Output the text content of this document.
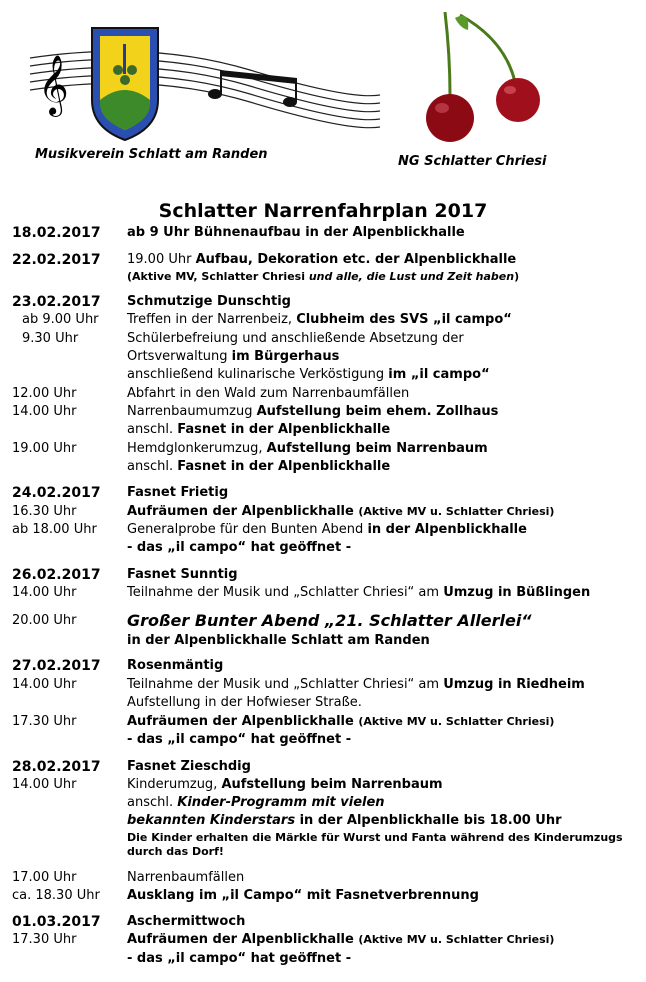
𝄞
Musikverein Schlatt am Randen	NG Schlatter Chriesi
Schlatter Narrenfahrplan 2017
18.02.2017 ab 9 Uhr Bühnenaufbau in der Alpenblickhalle
22.02.2017 19.00 Uhr Aufbau, Dekoration etc. der Alpenblickhalle
(Aktive MV, Schlatter Chriesi und alle, die Lust und Zeit haben)
23.02.2017 Schmutzige Dunschtig
ab 9.00 Uhr Treffen in der Narrenbeiz, Clubheim des SVS „il campo“
9.30 Uhr	Schülerbefreiung und anschließende Absetzung der
Ortsverwaltung im Bürgerhaus
anschließend kulinarische Verköstigung im „il campo“
12.00 Uhr	Abfahrt in den Wald zum Narrenbaumfällen
14.00 Uhr	Narrenbaumumzug Aufstellung beim ehem. Zollhaus
anschl. Fasnet in der Alpenblickhalle
19.00 Uhr	Hemdglonkerumzug, Aufstellung beim Narrenbaum
anschl. Fasnet in der Alpenblickhalle
24.02.2017 Fasnet Frietig
16.30 Uhr	Aufräumen der Alpenblickhalle (Aktive MV u. Schlatter Chriesi)
ab 18.00 Uhr Generalprobe für den Bunten Abend in der Alpenblickhalle
- das „il campo“ hat geöffnet -
26.02.2017 Fasnet Sunntig
14.00 Uhr	Teilnahme der Musik und „Schlatter Chriesi“ am Umzug in Büßlingen
20.00 Uhr	Großer Bunter Abend „21. Schlatter Allerlei“
in der Alpenblickhalle Schlatt am Randen
27.02.2017 Rosenmäntig
14.00 Uhr	Teilnahme der Musik und „Schlatter Chriesi“ am Umzug in Riedheim
Aufstellung in der Hofwieser Straße.
17.30 Uhr	Aufräumen der Alpenblickhalle (Aktive MV u. Schlatter Chriesi)
- das „il campo“ hat geöffnet -
28.02.2017 Fasnet Zieschdig
14.00 Uhr	Kinderumzug, Aufstellung beim Narrenbaum
anschl. Kinder-Programm mit vielen
bekannten Kinderstars in der Alpenblickhalle bis 18.00 Uhr
Die Kinder erhalten die Märkle für Wurst und Fanta während des Kinderumzugs
durch das Dorf!
17.00 Uhr	Narrenbaumfällen
ca. 18.30 Uhr Ausklang im „il Campo“ mit Fasnetverbrennung
01.03.2017 Aschermittwoch
17.30 Uhr	Aufräumen der Alpenblickhalle (Aktive MV u. Schlatter Chriesi)
- das „il campo“ hat geöffnet -
